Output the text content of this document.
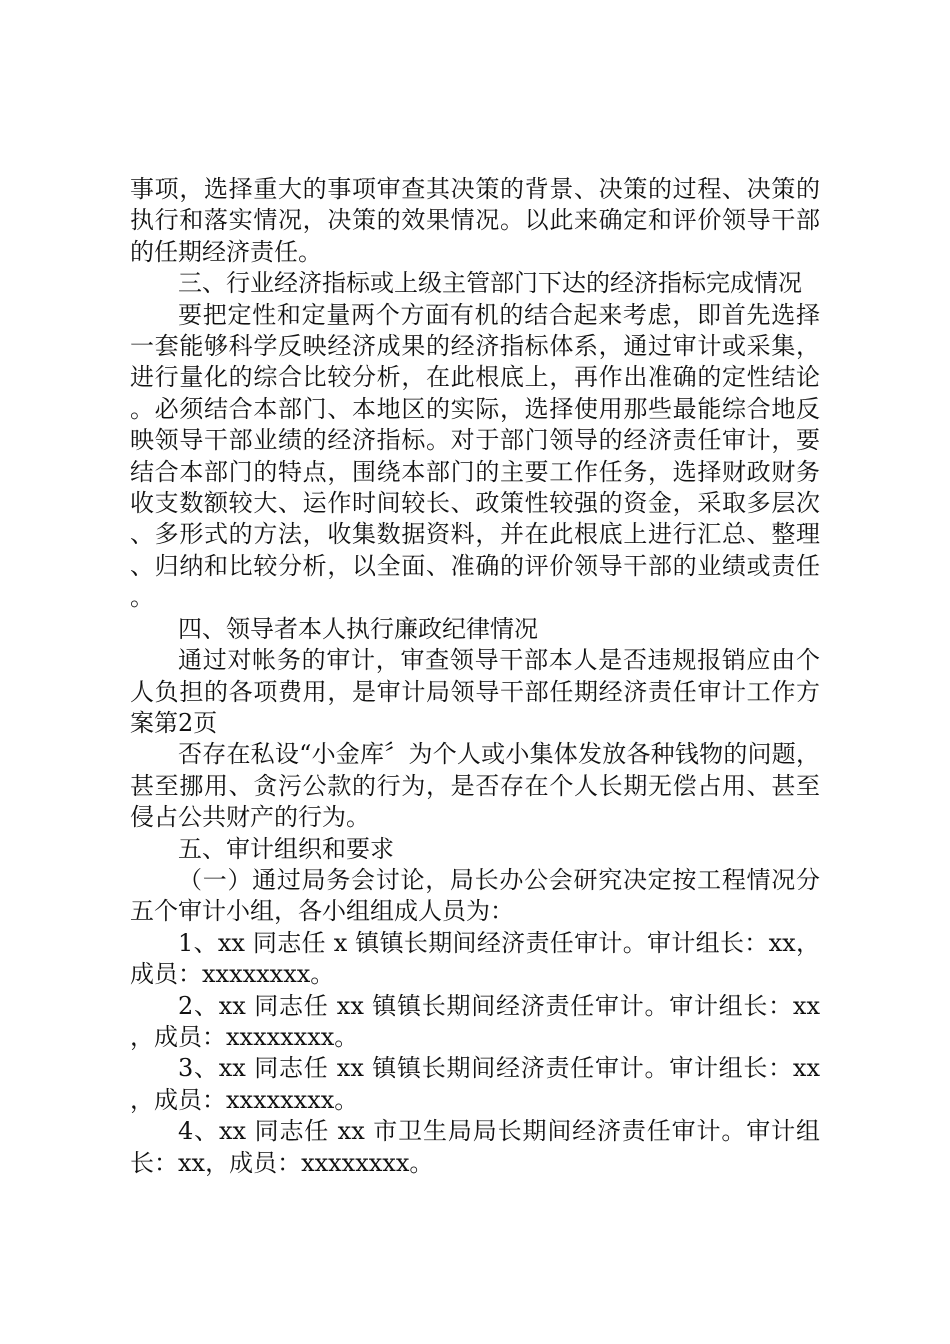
事项，选择重大的事项审查其决策的背景、决策的过程、决策的执行和落实情况，决策的效果情况。以此来确定和评价领导干部的任期经济责任。

三、行业经济指标或上级主管部门下达的经济指标完成情况

要把定性和定量两个方面有机的结合起来考虑，即首先选择一套能够科学反映经济成果的经济指标体系，通过审计或采集，进行量化的综合比较分析，在此根底上，再作出准确的定性结论。必须结合本部门、本地区的实际，选择使用那些最能综合地反映领导干部业绩的经济指标。对于部门领导的经济责任审计，要结合本部门的特点，围绕本部门的主要工作任务，选择财政财务收支数额较大、运作时间较长、政策性较强的资金，采取多层次、多形式的方法，收集数据资料，并在此根底上进行汇总、整理、归纳和比较分析，以全面、准确的评价领导干部的业绩或责任。

四、领导者本人执行廉政纪律情况

通过对帐务的审计，审查领导干部本人是否违规报销应由个人负担的各项费用，是审计局领导干部任期经济责任审计工作方案第2页

否存在私设“小金库〞为个人或小集体发放各种钱物的问题，甚至挪用、贪污公款的行为，是否存在个人长期无偿占用、甚至侵占公共财产的行为。

五、审计组织和要求

（一）通过局务会讨论，局长办公会研究决定按工程情况分五个审计小组，各小组组成人员为：

1、xx 同志任 x 镇镇长期间经济责任审计。审计组长：xx，成员：xxxxxxxx。

2、xx 同志任 xx 镇镇长期间经济责任审计。审计组长：xx，成员：xxxxxxxx。

3、xx 同志任 xx 镇镇长期间经济责任审计。审计组长：xx，成员：xxxxxxxx。

4、xx 同志任 xx 市卫生局局长期间经济责任审计。审计组长：xx，成员：xxxxxxxx。
